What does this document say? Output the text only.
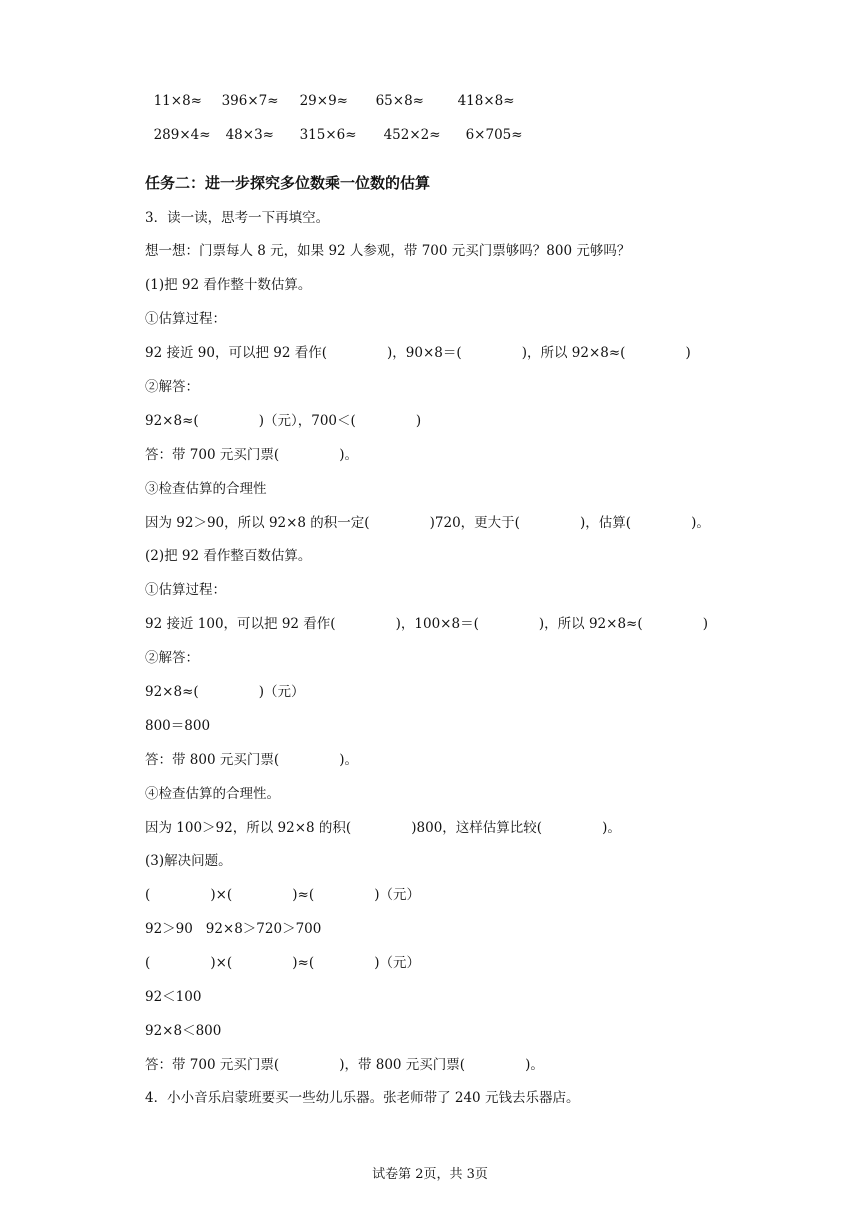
11×8≈ 396×7≈ 29×9≈ 65×8≈ 418×8≈

289×4≈ 48×3≈ 315×6≈ 452×2≈ 6×705≈

任务二：进一步探究多位数乘一位数的估算
3．读一读，思考一下再填空。
想一想：门票每人 8 元，如果 92 人参观，带 700 元买门票够吗？800 元够吗？
(1)把 92 看作整十数估算。
①估算过程：
92 接近 90，可以把 92 看作(              )，90×8＝(              )，所以 92×8≈(              )
②解答：
92×8≈(              )（元），700＜(              )
答：带 700 元买门票(              )。
③检查估算的合理性
因为 92＞90，所以 92×8 的积一定(              )720，更大于(              )，估算(              )。
(2)把 92 看作整百数估算。
①估算过程：
92 接近 100，可以把 92 看作(              )，100×8＝(              )，所以 92×8≈(              )
②解答：
92×8≈(              )（元）
800＝800
答：带 800 元买门票(              )。
④检查估算的合理性。
因为 100＞92，所以 92×8 的积(              )800，这样估算比较(              )。
(3)解决问题。
(              )×(              )≈(              )（元）
92＞90   92×8＞720＞700
(              )×(              )≈(              )（元）
92＜100
92×8＜800
答：带 700 元买门票(              )，带 800 元买门票(              )。
4．小小音乐启蒙班要买一些幼儿乐器。张老师带了 240 元钱去乐器店。
试卷第 2页，共 3页
